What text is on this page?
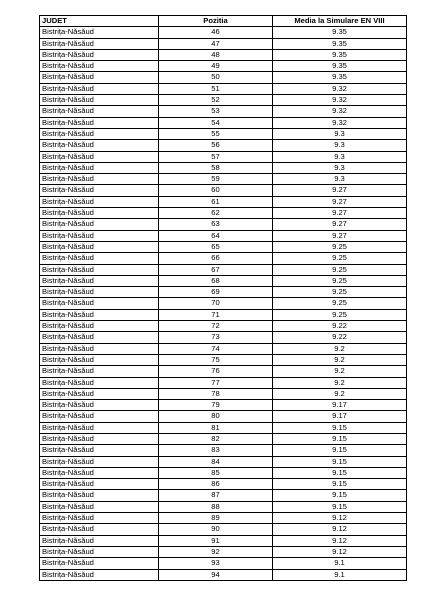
JUDET	Pozitia	Media la Simulare EN VIII
Bistrița-Năsăud	46	9.35
Bistrița-Năsăud	47	9.35
Bistrița-Năsăud	48	9.35
Bistrița-Năsăud	49	9.35
Bistrița-Năsăud	50	9.35
Bistrița-Năsăud	51	9.32
Bistrița-Năsăud	52	9.32
Bistrița-Năsăud	53	9.32
Bistrița-Năsăud	54	9.32
Bistrița-Năsăud	55	9.3
Bistrița-Năsăud	56	9.3
Bistrița-Năsăud	57	9.3
Bistrița-Năsăud	58	9.3
Bistrița-Năsăud	59	9.3
Bistrița-Năsăud	60	9.27
Bistrița-Năsăud	61	9.27
Bistrița-Năsăud	62	9.27
Bistrița-Năsăud	63	9.27
Bistrița-Năsăud	64	9.27
Bistrița-Năsăud	65	9.25
Bistrița-Năsăud	66	9.25
Bistrița-Năsăud	67	9.25
Bistrița-Năsăud	68	9.25
Bistrița-Năsăud	69	9.25
Bistrița-Năsăud	70	9.25
Bistrița-Năsăud	71	9.25
Bistrița-Năsăud	72	9.22
Bistrița-Năsăud	73	9.22
Bistrița-Năsăud	74	9.2
Bistrița-Năsăud	75	9.2
Bistrița-Năsăud	76	9.2
Bistrița-Năsăud	77	9.2
Bistrița-Năsăud	78	9.2
Bistrița-Năsăud	79	9.17
Bistrița-Năsăud	80	9.17
Bistrița-Năsăud	81	9.15
Bistrița-Năsăud	82	9.15
Bistrița-Năsăud	83	9.15
Bistrița-Năsăud	84	9.15
Bistrița-Năsăud	85	9.15
Bistrița-Năsăud	86	9.15
Bistrița-Năsăud	87	9.15
Bistrița-Năsăud	88	9.15
Bistrița-Năsăud	89	9.12
Bistrița-Năsăud	90	9.12
Bistrița-Năsăud	91	9.12
Bistrița-Năsăud	92	9.12
Bistrița-Năsăud	93	9.1
Bistrița-Năsăud	94	9.1
